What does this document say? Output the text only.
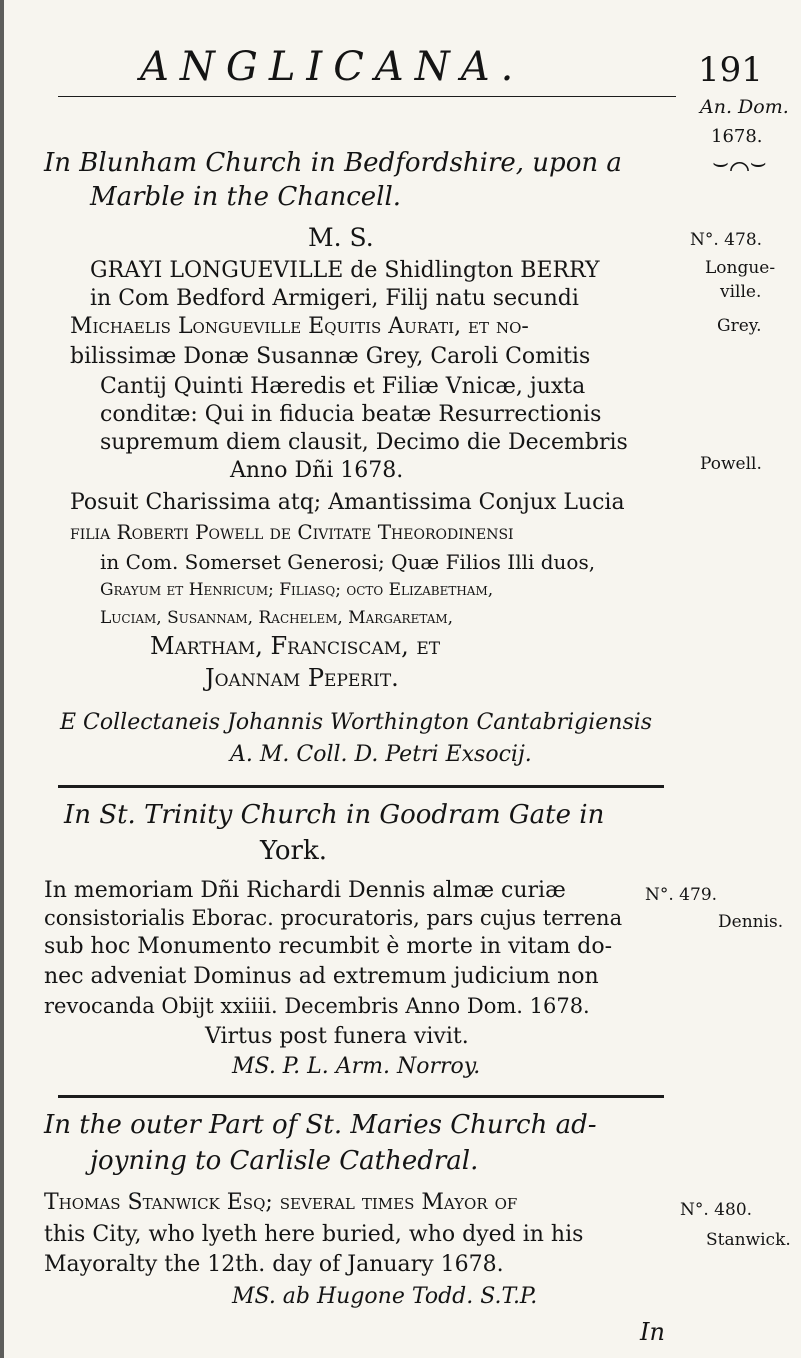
ANGLICANA.	191
An. Dom.
1678.
In Blunham Church in Bedfordshire, upon a	⌣⌒⌣
Marble in the Chancell.
M. S.	N°. 478.
Longue-
ville.
Grey.
Powell.
GRAYI LONGUEVILLE de Shidlington BERRY
in Com Bedford Armigeri, Filij natu secundi
Michaelis Longueville Equitis Aurati, et no-
bilissimæ Donæ Susannæ Grey, Caroli Comitis
Cantij Quinti Hæredis et Filiæ Vnicæ, juxta
conditæ: Qui in fiducia beatæ Resurrectionis
supremum diem clausit, Decimo die Decembris
Anno Dñi 1678.
Posuit Charissima atq; Amantissima Conjux Lucia
filia Roberti Powell de Civitate Theorodinensi
in Com. Somerset Generosi; Quæ Filios Illi duos,
Grayum et Henricum; Filiasq; octo Elizabetham,
Luciam, Susannam, Rachelem, Margaretam,
Martham, Franciscam, et
Joannam Peperit.
E Collectaneis Johannis Worthington Cantabrigiensis
A. M. Coll. D. Petri Exsocij.
In St. Trinity Church in Goodram Gate in
York.
N°. 479.
Dennis.
In memoriam Dñi Richardi Dennis almæ curiæ
consistorialis Eborac. procuratoris, pars cujus terrena
sub hoc Monumento recumbit è morte in vitam do-
nec adveniat Dominus ad extremum judicium non
revocanda Obijt xxiiii. Decembris Anno Dom. 1678.
Virtus post funera vivit.
MS. P. L. Arm. Norroy.
In the outer Part of St. Maries Church ad-
joyning to Carlisle Cathedral.
N°. 480.
Stanwick.
Thomas Stanwick Esq; several times Mayor of
this City, who lyeth here buried, who dyed in his
Mayoralty the 12th. day of January 1678.
MS. ab Hugone Todd. S.T.P.
In
